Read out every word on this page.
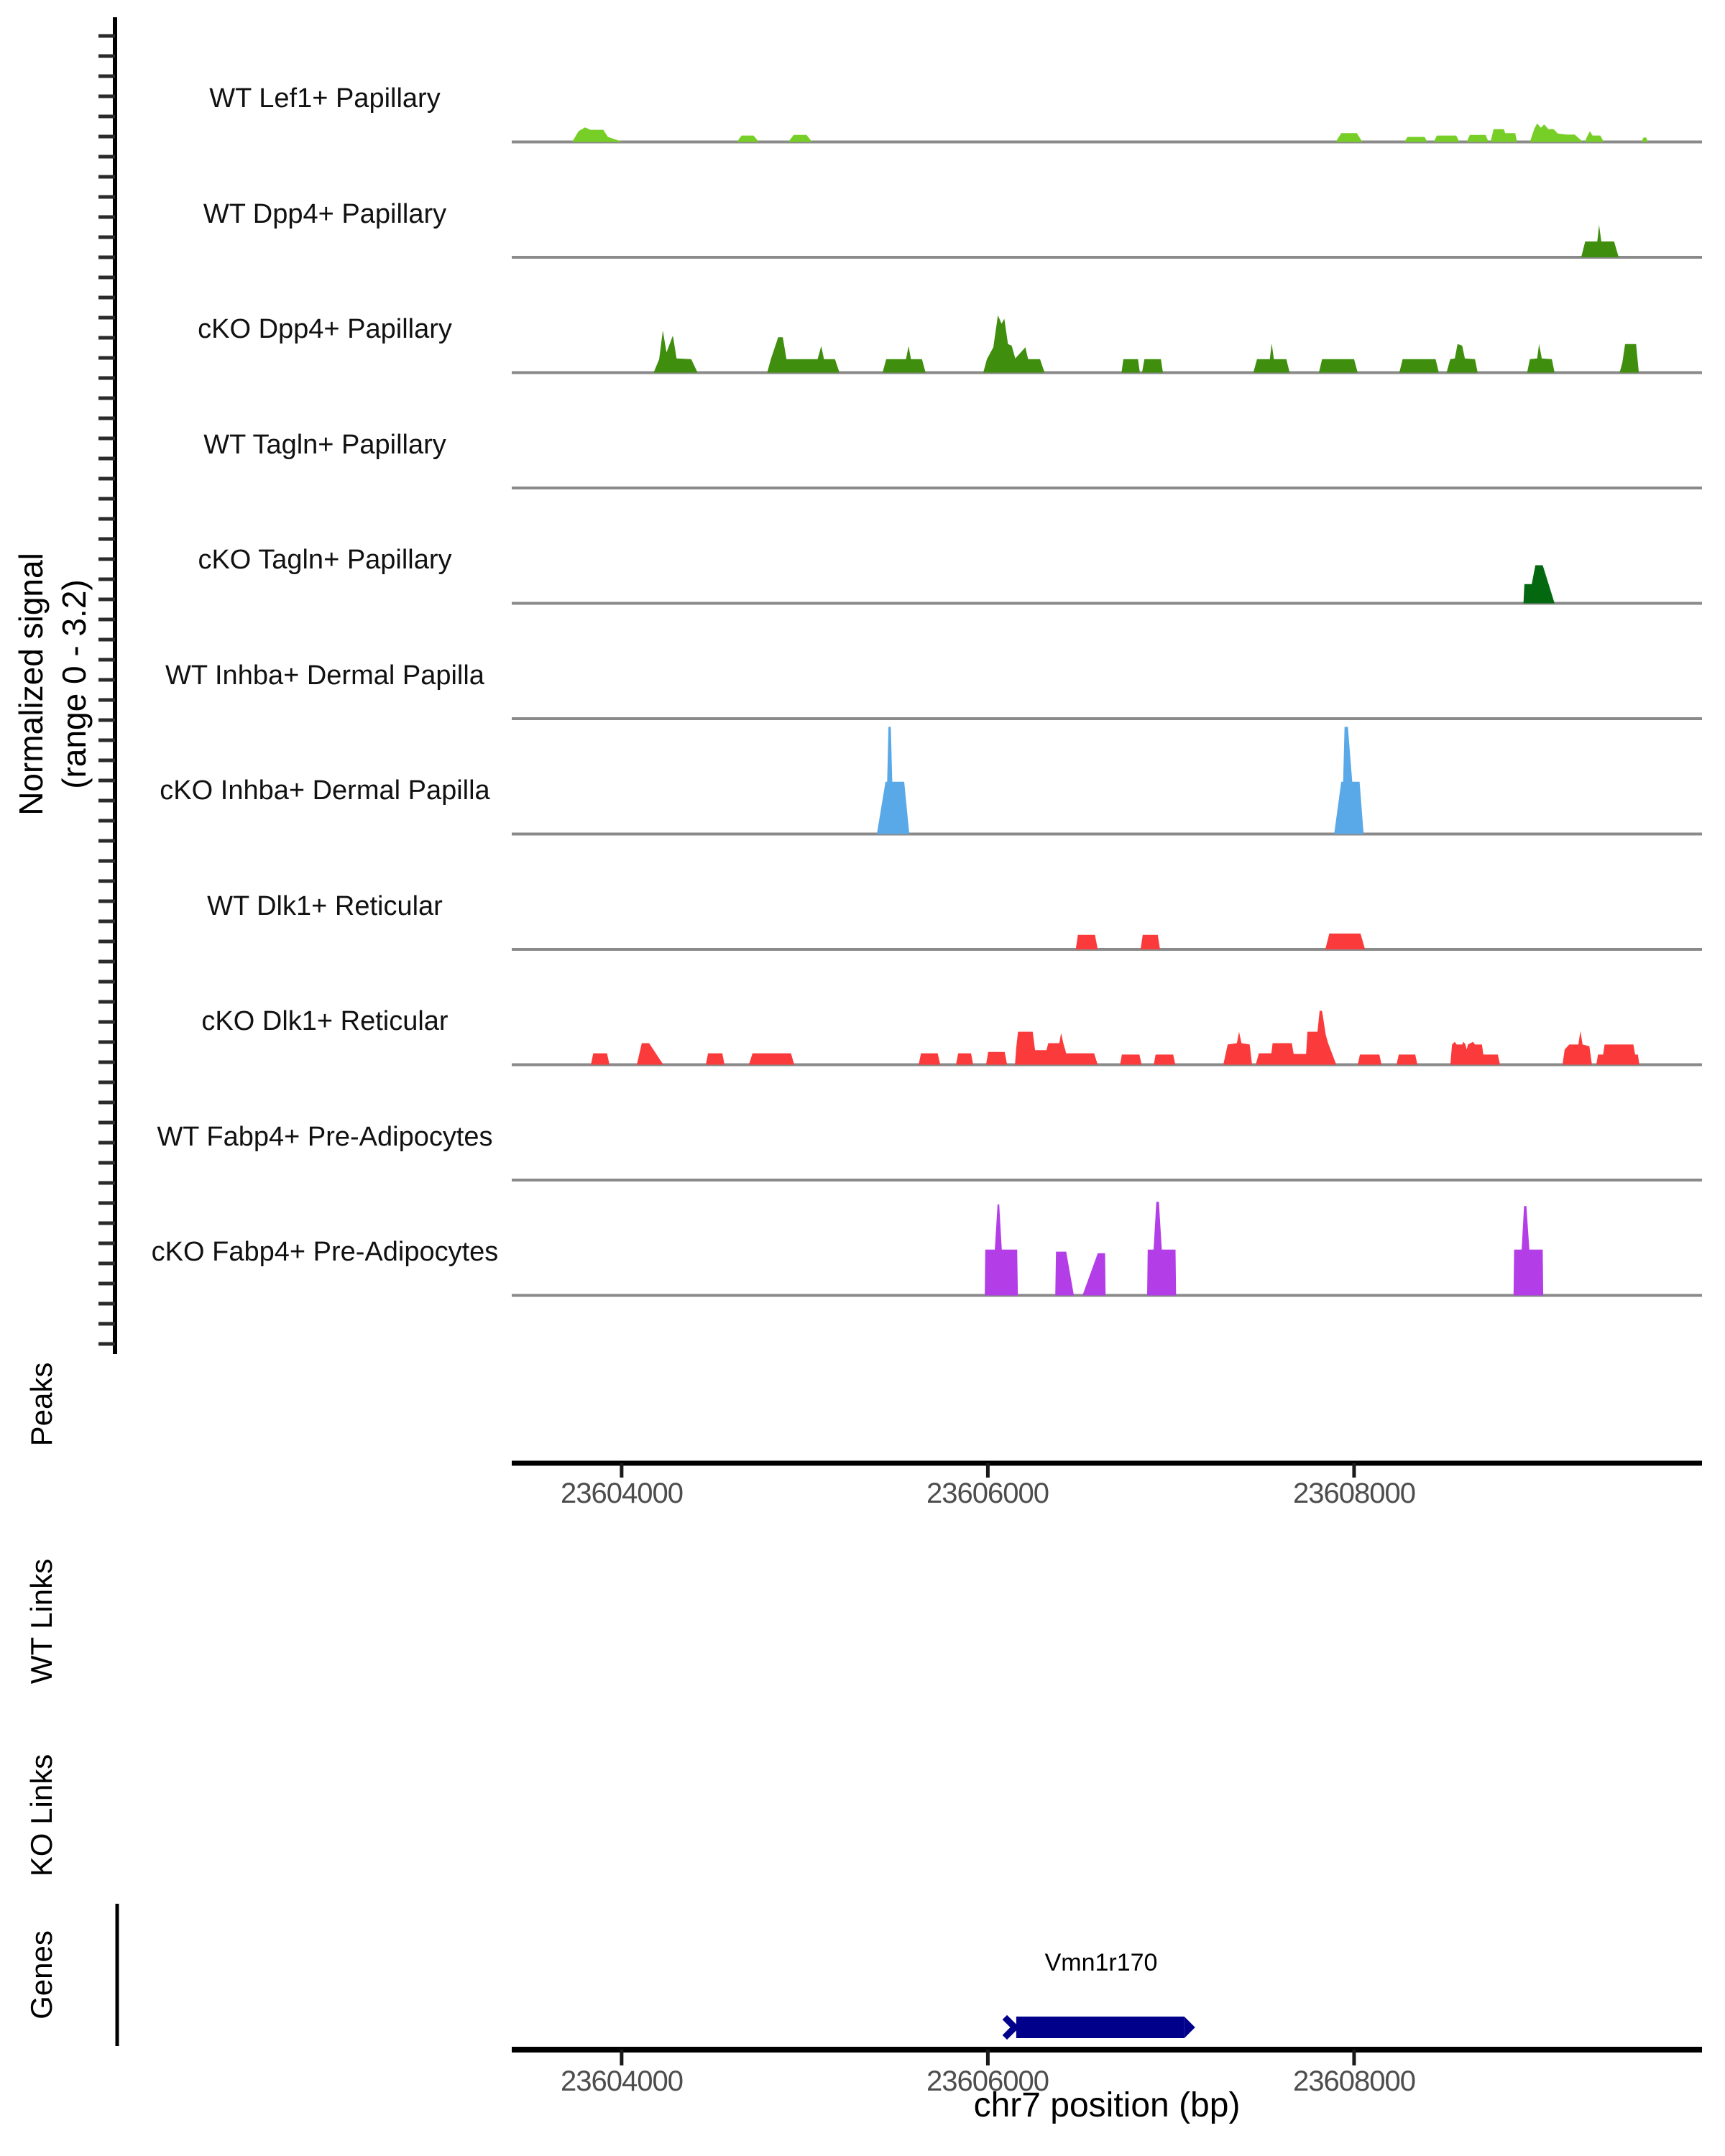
Normalized signal (range 0 - 3.2)
WT Lef1+ Papillary
WT Dpp4+ Papillary
cKO Dpp4+ Papillary
WT Tagln+ Papillary
cKO Tagln+ Papillary
WT Inhba+ Dermal Papilla
cKO Inhba+ Dermal Papilla
WT Dlk1+ Reticular
cKO Dlk1+ Reticular
WT Fabp4+ Pre-Adipocytes
cKO Fabp4+ Pre-Adipocytes
Peaks
WT Links
KO Links
Genes
23604000	23606000	23608000
23604000	23606000	23608000
chr7 position (bp)
Vmn1r170
